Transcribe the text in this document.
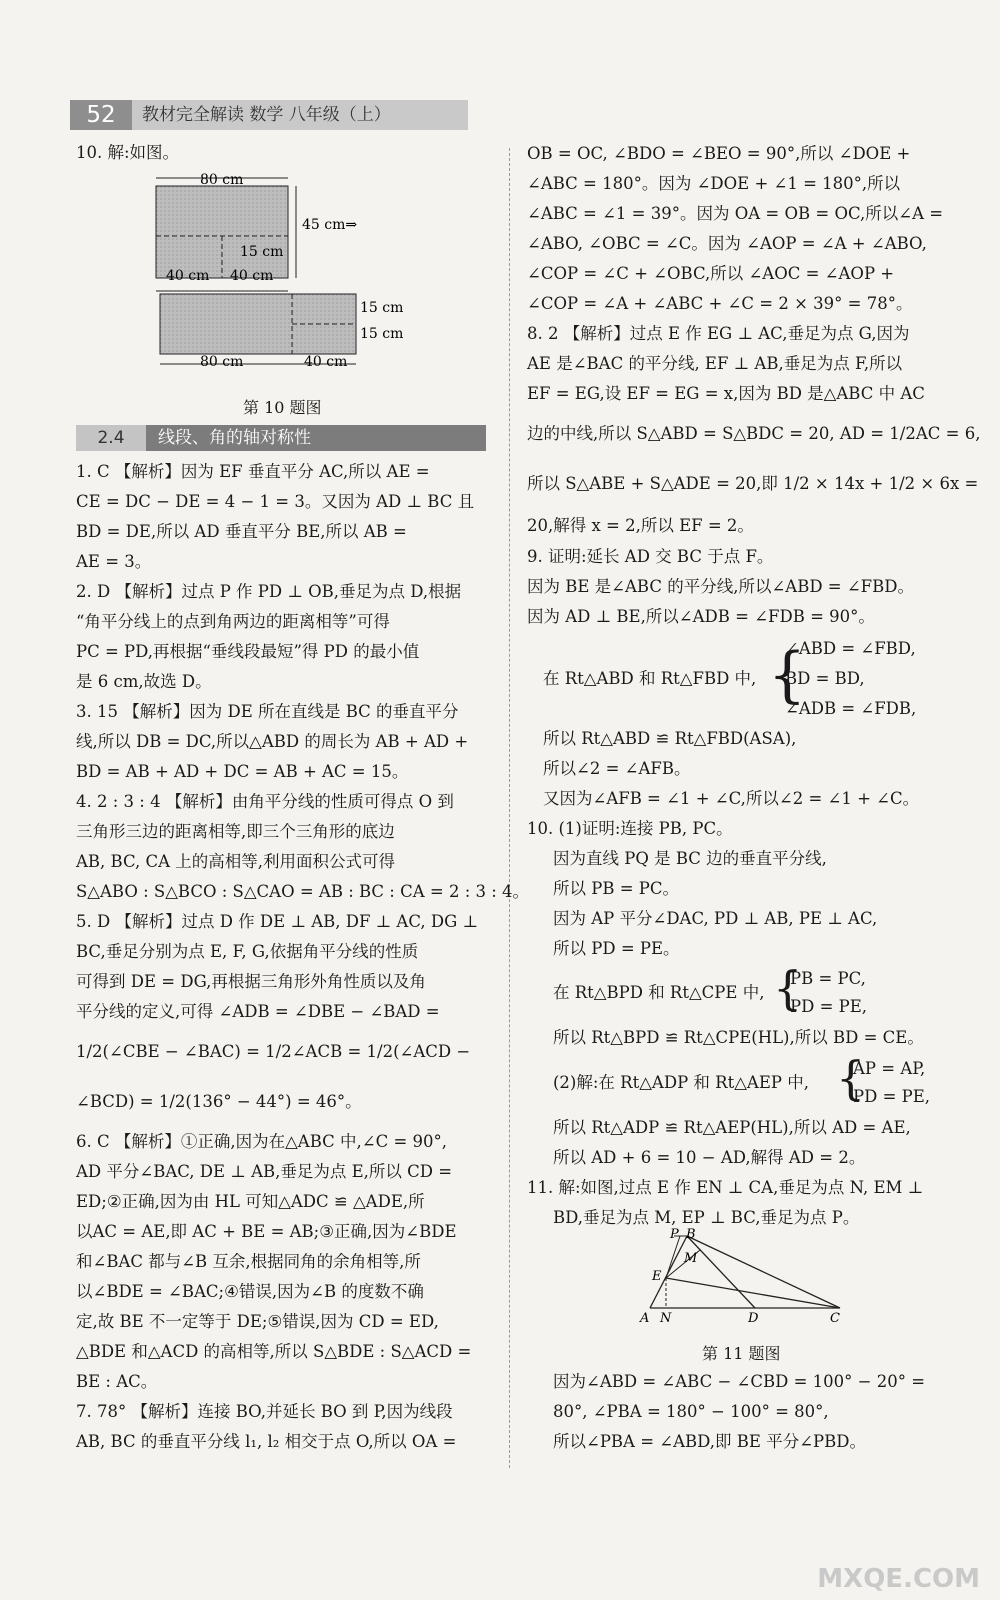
52	教材完全解读 数学 八年级（上）
10. 解:如图。
80 cm
45 cm⇒
15 cm
40 cm 40 cm
15 cm
15 cm
80 cm	40 cm
第 10 题图
2.4	线段、角的轴对称性
1. C 【解析】因为 EF 垂直平分 AC,所以 AE =
CE = DC − DE = 4 − 1 = 3。又因为 AD ⊥ BC 且
BD = DE,所以 AD 垂直平分 BE,所以 AB =
AE = 3。
2. D 【解析】过点 P 作 PD ⊥ OB,垂足为点 D,根据
“角平分线上的点到角两边的距离相等”可得
PC = PD,再根据“垂线段最短”得 PD 的最小值
是 6 cm,故选 D。
3. 15 【解析】因为 DE 所在直线是 BC 的垂直平分
线,所以 DB = DC,所以△ABD 的周长为 AB + AD +
BD = AB + AD + DC = AB + AC = 15。
4. 2 : 3 : 4 【解析】由角平分线的性质可得点 O 到
三角形三边的距离相等,即三个三角形的底边
AB, BC, CA 上的高相等,利用面积公式可得
S△ABO : S△BCO : S△CAO = AB : BC : CA = 2 : 3 : 4。
5. D 【解析】过点 D 作 DE ⊥ AB, DF ⊥ AC, DG ⊥
BC,垂足分别为点 E, F, G,依据角平分线的性质
可得到 DE = DG,再根据三角形外角性质以及角
平分线的定义,可得 ∠ADB = ∠DBE − ∠BAD =
1/2(∠CBE − ∠BAC) = 1/2∠ACB = 1/2(∠ACD −
∠BCD) = 1/2(136° − 44°) = 46°。
6. C 【解析】①正确,因为在△ABC 中,∠C = 90°,
AD 平分∠BAC, DE ⊥ AB,垂足为点 E,所以 CD =
ED;②正确,因为由 HL 可知△ADC ≌ △ADE,所
以AC = AE,即 AC + BE = AB;③正确,因为∠BDE
和∠BAC 都与∠B 互余,根据同角的余角相等,所
以∠BDE = ∠BAC;④错误,因为∠B 的度数不确
定,故 BE 不一定等于 DE;⑤错误,因为 CD = ED,
△BDE 和△ACD 的高相等,所以 S△BDE : S△ACD =
BE : AC。
7. 78° 【解析】连接 BO,并延长 BO 到 P,因为线段
AB, BC 的垂直平分线 l₁, l₂ 相交于点 O,所以 OA =
OB = OC, ∠BDO = ∠BEO = 90°,所以 ∠DOE +
∠ABC = 180°。因为 ∠DOE + ∠1 = 180°,所以
∠ABC = ∠1 = 39°。因为 OA = OB = OC,所以∠A =
∠ABO, ∠OBC = ∠C。因为 ∠AOP = ∠A + ∠ABO,
∠COP = ∠C + ∠OBC,所以 ∠AOC = ∠AOP +
∠COP = ∠A + ∠ABC + ∠C = 2 × 39° = 78°。
8. 2 【解析】过点 E 作 EG ⊥ AC,垂足为点 G,因为
AE 是∠BAC 的平分线, EF ⊥ AB,垂足为点 F,所以
EF = EG,设 EF = EG = x,因为 BD 是△ABC 中 AC
边的中线,所以 S△ABD = S△BDC = 20, AD = 1/2AC = 6,
所以 S△ABE + S△ADE = 20,即 1/2 × 14x + 1/2 × 6x =
20,解得 x = 2,所以 EF = 2。
9. 证明:延长 AD 交 BC 于点 F。
因为 BE 是∠ABC 的平分线,所以∠ABD = ∠FBD。
因为 AD ⊥ BE,所以∠ADB = ∠FDB = 90°。
∠ABD = ∠FBD,
在 Rt△ABD 和 Rt△FBD 中, {
BD = BD,
∠ADB = ∠FDB,
所以 Rt△ABD ≌ Rt△FBD(ASA),
所以∠2 = ∠AFB。
又因为∠AFB = ∠1 + ∠C,所以∠2 = ∠1 + ∠C。
10. (1)证明:连接 PB, PC。
因为直线 PQ 是 BC 边的垂直平分线,
所以 PB = PC。
因为 AP 平分∠DAC, PD ⊥ AB, PE ⊥ AC,
所以 PD = PE。
在 Rt△BPD 和 Rt△CPE 中, {
PB = PC,
PD = PE,
所以 Rt△BPD ≌ Rt△CPE(HL),所以 BD = CE。
(2)解:在 Rt△ADP 和 Rt△AEP 中, {
AP = AP,
PD = PE,
所以 Rt△ADP ≌ Rt△AEP(HL),所以 AD = AE,
所以 AD + 6 = 10 − AD,解得 AD = 2。
11. 解:如图,过点 E 作 EN ⊥ CA,垂足为点 N, EM ⊥
BD,垂足为点 M, EP ⊥ BC,垂足为点 P。
P B
M
E
A N	D	C
第 11 题图
因为∠ABD = ∠ABC − ∠CBD = 100° − 20° =
80°, ∠PBA = 180° − 100° = 80°,
所以∠PBA = ∠ABD,即 BE 平分∠PBD。
MXQE.COM
